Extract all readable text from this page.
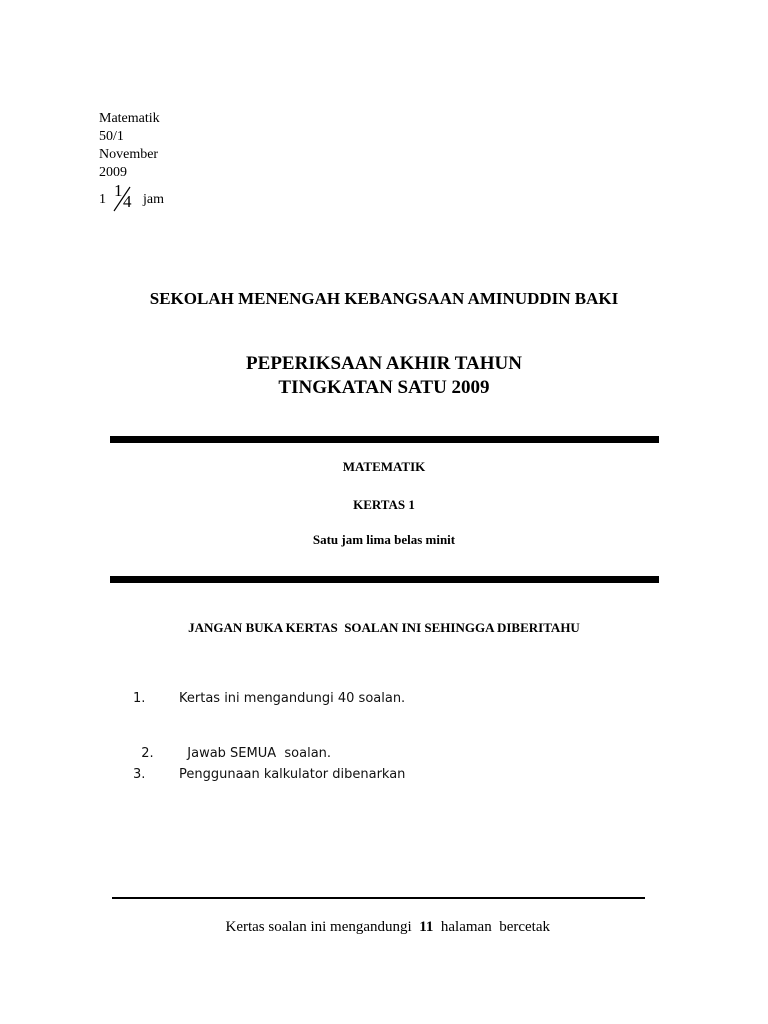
Matematik
50/1
November
2009
1 1
4 jam
SEKOLAH MENENGAH KEBANGSAAN AMINUDDIN BAKI
PEPERIKSAAN AKHIR TAHUN
TINGKATAN SATU 2009
MATEMATIK
KERTAS 1
Satu jam lima belas minit
JANGAN BUKA KERTAS  SOALAN INI SEHINGGA DIBERITAHU
1.	Kertas ini mengandungi 40 soalan.

2.	Jawab SEMUA  soalan.

3.	Penggunaan kalkulator dibenarkan

Kertas soalan ini mengandungi 11 halaman  bercetak
